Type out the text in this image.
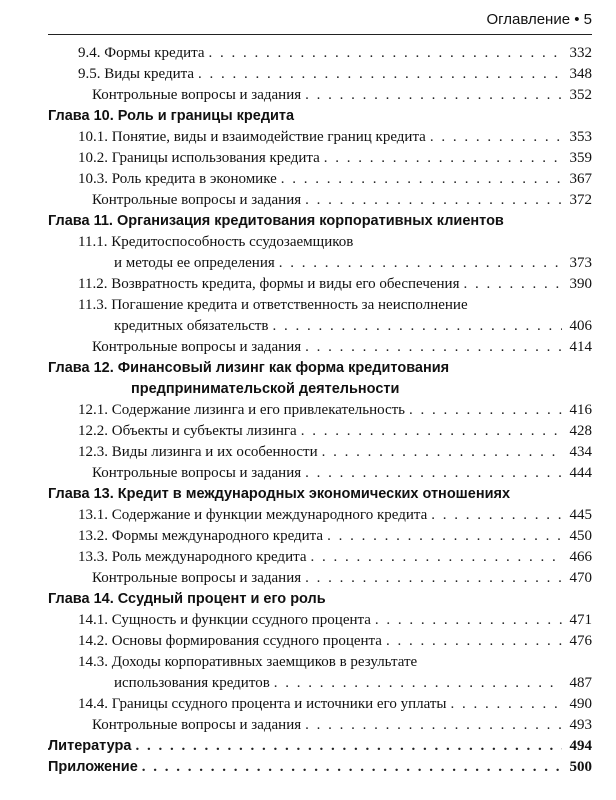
Оглавление • 5
9.4. Формы кредита . . .	332
9.5. Виды кредита . . .	348
Контрольные вопросы и задания . . .	352
Глава 10. Роль и границы кредита
10.1. Понятие, виды и взаимодействие границ кредита . . .	353
10.2. Границы использования кредита . . .	359
10.3. Роль кредита в экономике . . .	367
Контрольные вопросы и задания . . .	372
Глава 11. Организация кредитования корпоративных клиентов
11.1. Кредитоспособность ссудозаемщиков
и методы ее определения . . .	373
11.2. Возвратность кредита, формы и виды его обеспечения . . .	390
11.3. Погашение кредита и ответственность за неисполнение
кредитных обязательств . . .	406
Контрольные вопросы и задания . . .	414
Глава 12. Финансовый лизинг как форма кредитования
предпринимательской деятельности
12.1. Содержание лизинга и его привлекательность . . .	416
12.2. Объекты и субъекты лизинга . . .	428
12.3. Виды лизинга и их особенности . . .	434
Контрольные вопросы и задания . . .	444
Глава 13. Кредит в международных экономических отношениях
13.1. Содержание и функции международного кредита . . .	445
13.2. Формы международного кредита . . .	450
13.3. Роль международного кредита . . .	466
Контрольные вопросы и задания . . .	470
Глава 14. Ссудный процент и его роль
14.1. Сущность и функции ссудного процента . . .	471
14.2. Основы формирования ссудного процента . . .	476
14.3. Доходы корпоративных заемщиков в результате
использования кредитов . . .	487
14.4. Границы ссудного процента и источники его уплаты . . .	490
Контрольные вопросы и задания . . .	493
Литература . . .	494
Приложение . . .	500
